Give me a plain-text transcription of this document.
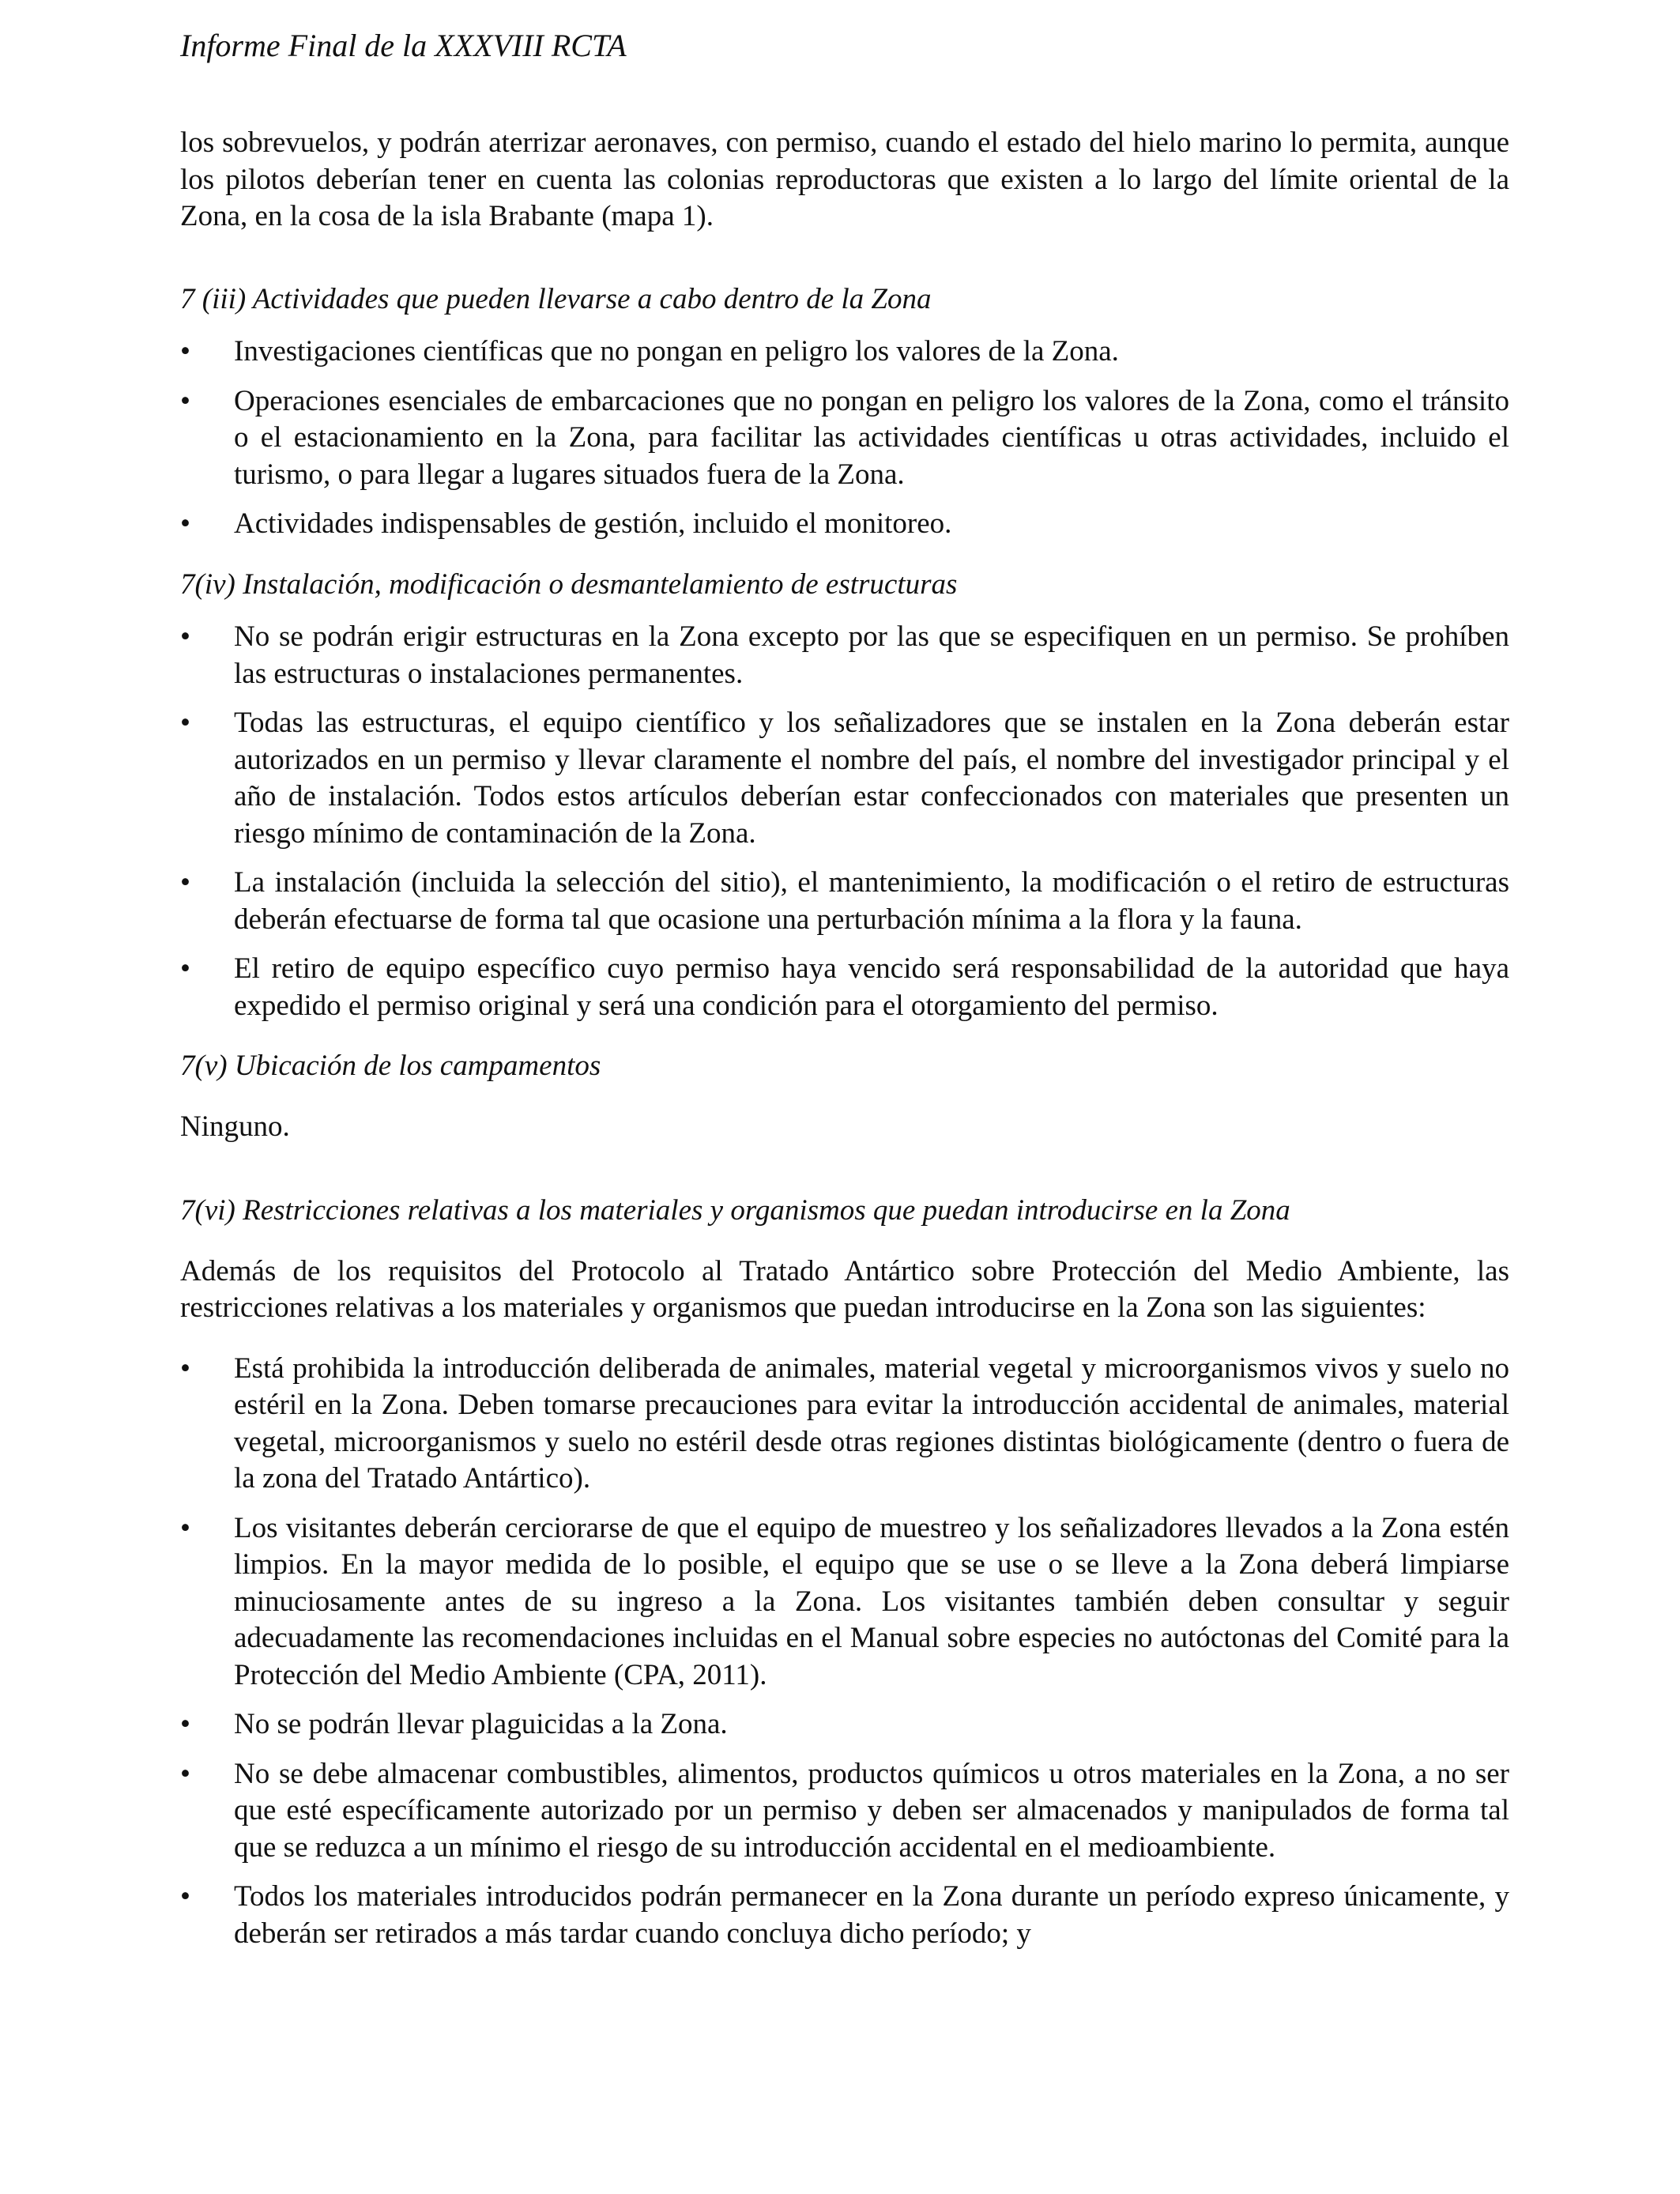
Informe Final de la XXXVIII RCTA

los sobrevuelos, y podrán aterrizar aeronaves, con permiso, cuando el estado del hielo marino lo permita, aunque los pilotos deberían tener en cuenta las colonias reproductoras que existen a lo largo del límite oriental de la Zona, en la cosa de la isla Brabante (mapa 1).

7 (iii) Actividades que pueden llevarse a cabo dentro de la Zona

• Investigaciones científicas que no pongan en peligro los valores de la Zona.
• Operaciones esenciales de embarcaciones que no pongan en peligro los valores de la Zona, como el tránsito o el estacionamiento en la Zona, para facilitar las actividades científicas u otras actividades, incluido el turismo, o para llegar a lugares situados fuera de la Zona.
• Actividades indispensables de gestión, incluido el monitoreo.

7(iv) Instalación, modificación o desmantelamiento de estructuras

• No se podrán erigir estructuras en la Zona excepto por las que se especifiquen en un permiso. Se prohíben las estructuras o instalaciones permanentes.
• Todas las estructuras, el equipo científico y los señalizadores que se instalen en la Zona deberán estar autorizados en un permiso y llevar claramente el nombre del país, el nombre del investigador principal y el año de instalación. Todos estos artículos deberían estar confeccionados con materiales que presenten un riesgo mínimo de contaminación de la Zona.
• La instalación (incluida la selección del sitio), el mantenimiento, la modificación o el retiro de estructuras deberán efectuarse de forma tal que ocasione una perturbación mínima a la flora y la fauna.
• El retiro de equipo específico cuyo permiso haya vencido será responsabilidad de la autoridad que haya expedido el permiso original y será una condición para el otorgamiento del permiso.

7(v) Ubicación de los campamentos

Ninguno.

7(vi) Restricciones relativas a los materiales y organismos que puedan introducirse en la Zona

Además de los requisitos del Protocolo al Tratado Antártico sobre Protección del Medio Ambiente, las restricciones relativas a los materiales y organismos que puedan introducirse en la Zona son las siguientes:

• Está prohibida la introducción deliberada de animales, material vegetal y microorganismos vivos y suelo no estéril en la Zona. Deben tomarse precauciones para evitar la introducción accidental de animales, material vegetal, microorganismos y suelo no estéril desde otras regiones distintas biológicamente (dentro o fuera de la zona del Tratado Antártico).
• Los visitantes deberán cerciorarse de que el equipo de muestreo y los señalizadores llevados a la Zona estén limpios. En la mayor medida de lo posible, el equipo que se use o se lleve a la Zona deberá limpiarse minuciosamente antes de su ingreso a la Zona. Los visitantes también deben consultar y seguir adecuadamente las recomendaciones incluidas en el Manual sobre especies no autóctonas del Comité para la Protección del Medio Ambiente (CPA, 2011).
• No se podrán llevar plaguicidas a la Zona.
• No se debe almacenar combustibles, alimentos, productos químicos u otros materiales en la Zona, a no ser que esté específicamente autorizado por un permiso y deben ser almacenados y manipulados de forma tal que se reduzca a un mínimo el riesgo de su introducción accidental en el medioambiente.
• Todos los materiales introducidos podrán permanecer en la Zona durante un período expreso únicamente, y deberán ser retirados a más tardar cuando concluya dicho período; y
